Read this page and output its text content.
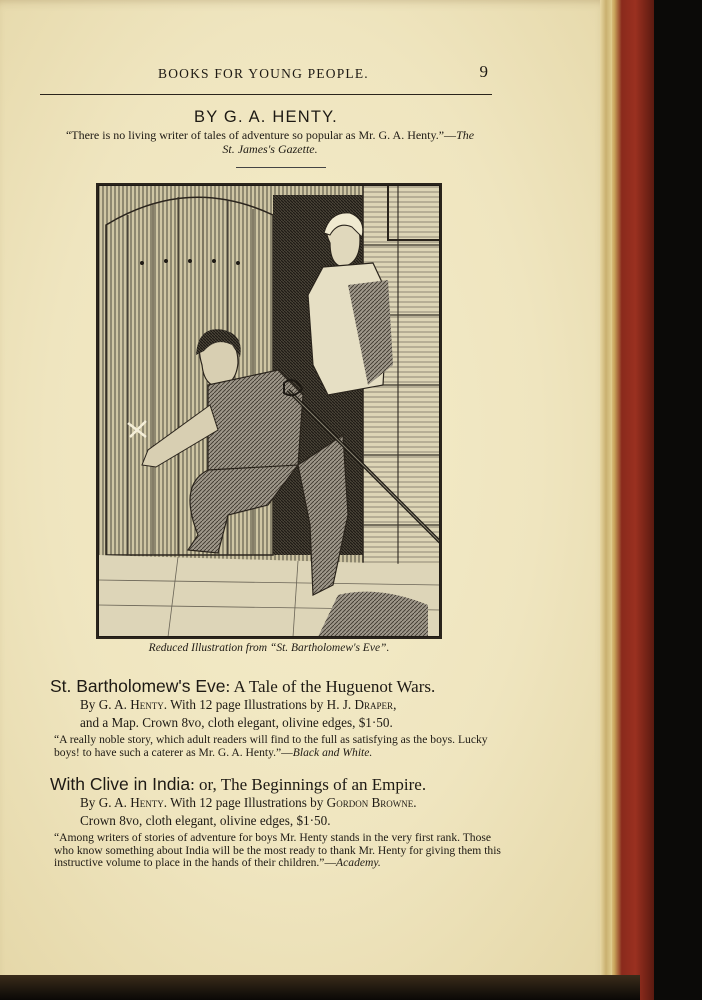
BOOKS FOR YOUNG PEOPLE.	9
BY G. A. HENTY.
“There is no living writer of tales of adventure so popular as Mr. G. A. Henty.”—The St. James's Gazette.
Reduced Illustration from “St. Bartholomew's Eve”.
St. Bartholomew's Eve: A Tale of the Huguenot Wars.
By G. A. Henty. With 12 page Illustrations by H. J. Draper,
and a Map. Crown 8vo, cloth elegant, olivine edges, $1·50.
“A really noble story, which adult readers will find to the full as satisfying as the boys. Lucky boys! to have such a caterer as Mr. G. A. Henty.”—Black and White.
With Clive in India: or, The Beginnings of an Empire.
By G. A. Henty. With 12 page Illustrations by Gordon Browne.
Crown 8vo, cloth elegant, olivine edges, $1·50.
“Among writers of stories of adventure for boys Mr. Henty stands in the very first rank. Those who know something about India will be the most ready to thank Mr. Henty for giving them this instructive volume to place in the hands of their children.”—Academy.
